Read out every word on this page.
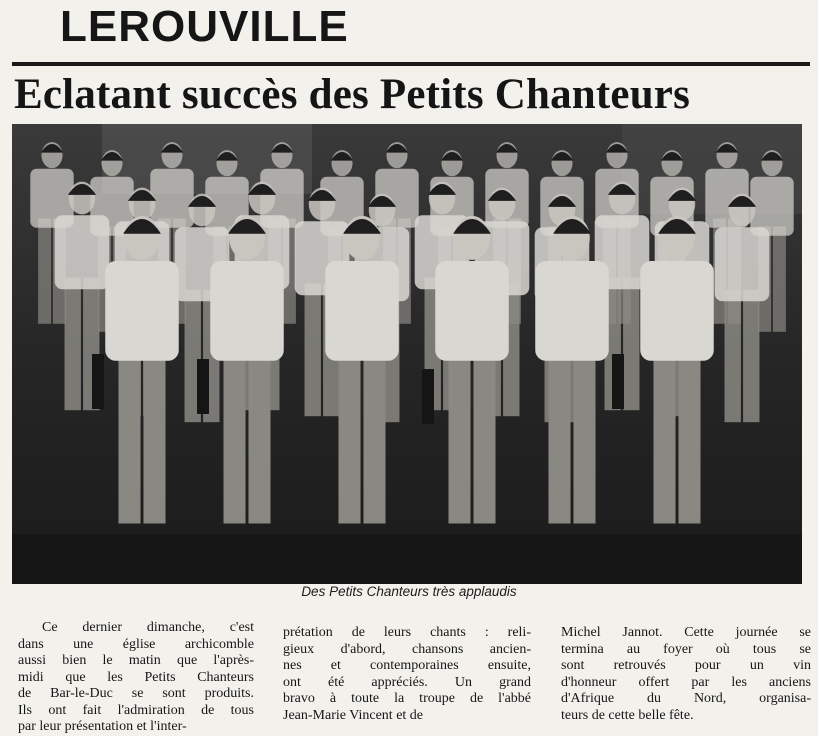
LEROUVILLE
Eclatant succès des Petits Chanteurs
Des Petits Chanteurs très applaudis
Ce dernier dimanche, c'est
dans une église archicomble
aussi bien le matin que l'après-
midi que les Petits Chanteurs
de Bar-le-Duc se sont produits.
Ils ont fait l'admiration de tous
par leur présentation et l'inter-
prétation de leurs chants : reli-
gieux d'abord, chansons ancien-
nes et contemporaines ensuite,
ont été appréciés. Un grand
bravo à toute la troupe de l'abbé
Jean-Marie Vincent et de
Michel Jannot. Cette journée se
termina au foyer où tous se
sont retrouvés pour un vin
d'honneur offert par les anciens
d'Afrique du Nord, organisa-
teurs de cette belle fête.
